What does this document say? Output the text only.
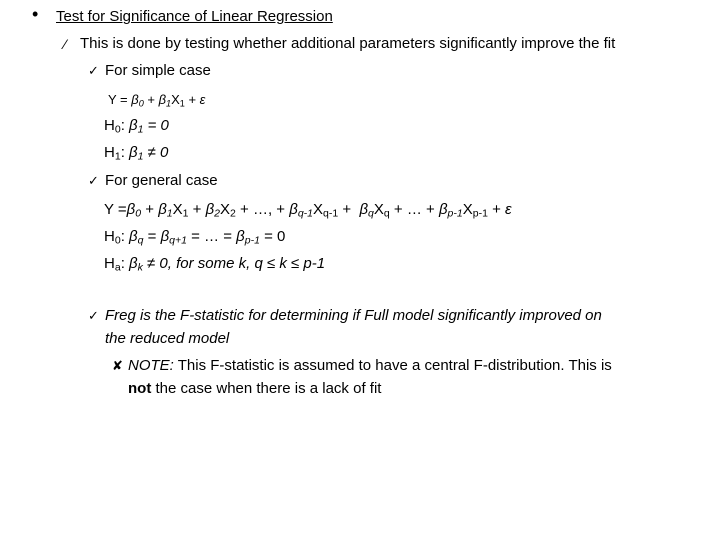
• Test for Significance of Linear Regression
⁄ This is done by testing whether additional parameters significantly improve the fit
✓ For simple case
$Y = \beta_0 + \beta_1X_1 + \varepsilon$
$H_0$: $\beta_1 = 0$
$H_1$: $\beta_1 \ne 0$
✓ For general case
$Y =\beta_0 + \beta_1X_1 + \beta_2X_2$ + …, + $\beta_{q-1}X_{q-1} + \beta_qX_q$ + … + $\beta_{p-1}X_{p-1} + \varepsilon$
$H_0$: $\beta_q = \beta_{q+1}$ = … = $\beta_{p-1} = 0$
$H_a$: $\beta_k \ne 0$, for some k, q ≤ k ≤ p-1
✓ Freg is the F-statistic for determining if Full model significantly improved on
the reduced model
✘ NOTE: This F-statistic is assumed to have a central F-distribution. This is
not the case when there is a lack of fit
